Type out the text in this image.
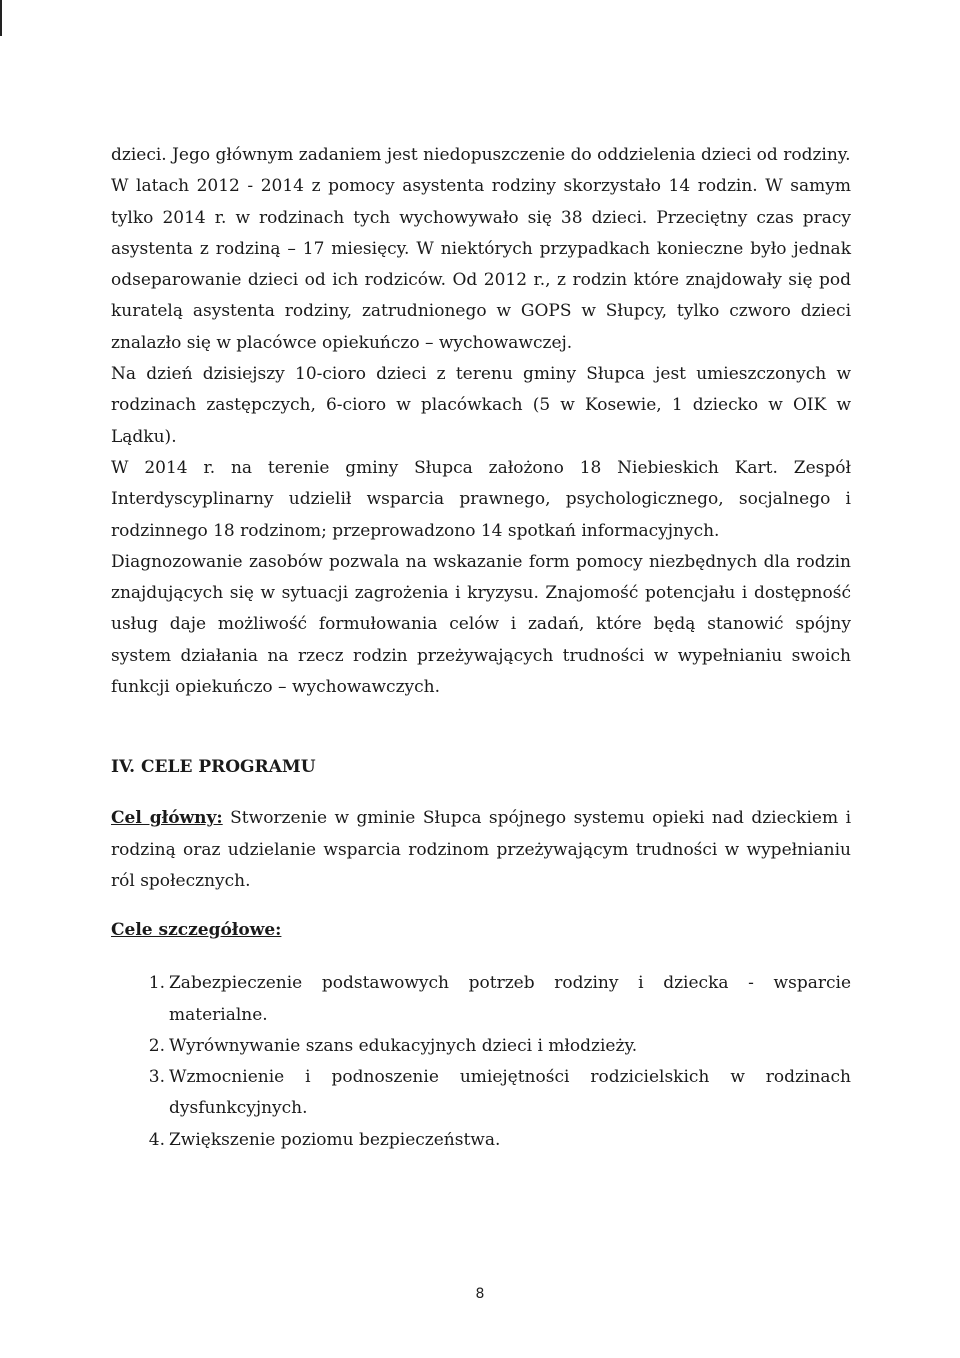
dzieci. Jego głównym zadaniem jest niedopuszczenie do oddzielenia dzieci od rodziny.

W latach 2012 - 2014 z pomocy asystenta rodziny skorzystało 14 rodzin. W samym tylko 2014 r. w rodzinach tych wychowywało się 38 dzieci. Przeciętny czas pracy asystenta z rodziną – 17 miesięcy. W niektórych przypadkach konieczne było jednak odseparowanie dzieci od ich rodziców. Od 2012 r., z rodzin które znajdowały się pod kuratelą asystenta rodziny, zatrudnionego w GOPS w Słupcy, tylko czworo dzieci znalazło się w placówce opiekuńczo – wychowawczej.

Na dzień dzisiejszy 10-cioro dzieci z terenu gminy Słupca jest umieszczonych w rodzinach zastępczych, 6-cioro w placówkach (5 w Kosewie, 1 dziecko w OIK w Lądku).

W 2014 r. na terenie gminy Słupca założono 18 Niebieskich Kart. Zespół Interdyscyplinarny udzielił wsparcia prawnego, psychologicznego, socjalnego i rodzinnego 18 rodzinom; przeprowadzono 14 spotkań informacyjnych.

Diagnozowanie zasobów pozwala na wskazanie form pomocy niezbędnych dla rodzin znajdujących się w sytuacji zagrożenia i kryzysu. Znajomość potencjału i dostępność usług daje możliwość formułowania celów i zadań, które będą stanowić spójny system działania na rzecz rodzin przeżywających trudności w wypełnianiu swoich funkcji opiekuńczo – wychowawczych.

IV. CELE PROGRAMU

Cel główny: Stworzenie w gminie Słupca spójnego systemu opieki nad dzieckiem i rodziną oraz udzielanie wsparcia rodzinom przeżywającym trudności w wypełnianiu ról społecznych.

Cele szczegółowe:
1. Zabezpieczenie podstawowych potrzeb rodziny i dziecka - wsparcie materialne.
2. Wyrównywanie szans edukacyjnych dzieci i młodzieży.
3. Wzmocnienie i podnoszenie umiejętności rodzicielskich w rodzinach dysfunkcyjnych.
4. Zwiększenie poziomu bezpieczeństwa.
8
